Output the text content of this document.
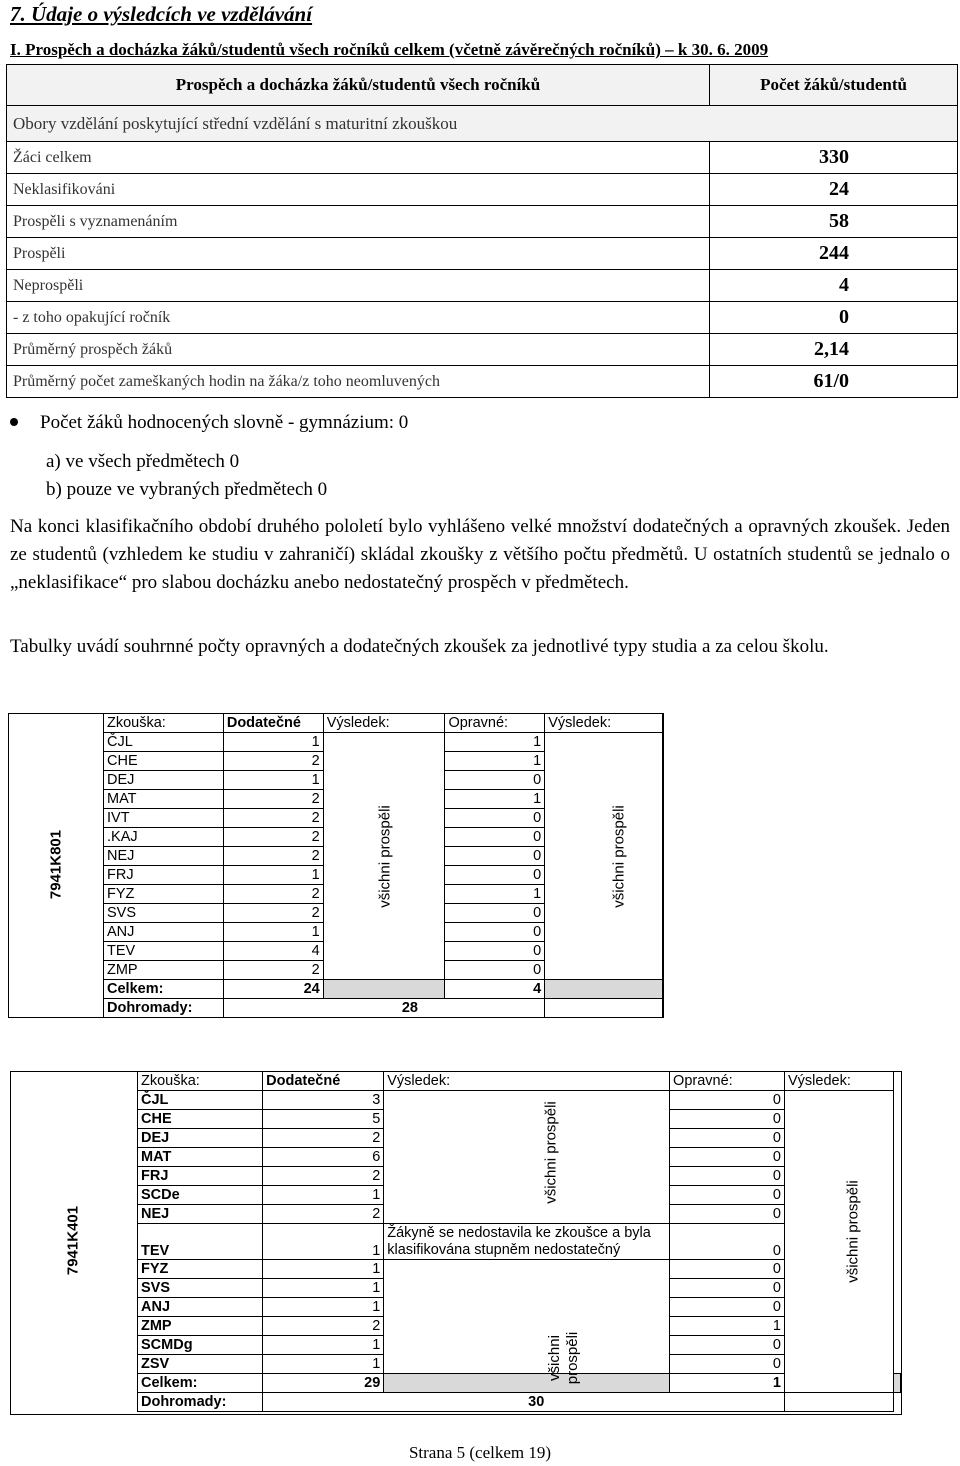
7. Údaje o výsledcích ve vzdělávání
I. Prospěch a docházka žáků/studentů všech ročníků celkem (včetně závěrečných ročníků) – k 30. 6. 2009
Prospěch a docházka žáků/studentů všech ročníků	Počet žáků/studentů
Obory vzdělání poskytující střední vzdělání s maturitní zkouškou	
Žáci celkem	330
Neklasifikováni	24
Prospěli s vyznamenáním	58
Prospěli	244
Neprospěli	4
- z toho opakující ročník	0
Průměrný prospěch žáků	2,14
Průměrný počet zameškaných hodin na žáka/z toho neomluvených	61/0
Počet žáků hodnocených slovně - gymnázium: 0
a) ve všech předmětech 0
b) pouze ve vybraných předmětech 0
Na konci klasifikačního období druhého pololetí bylo vyhlášeno velké množství dodatečných a opravných zkoušek. Jeden ze studentů (vzhledem ke studiu v zahraničí) skládal zkoušky z většího počtu předmětů. U ostatních studentů se jednalo o „neklasifikace“ pro slabou docházku anebo nedostatečný prospěch v předmětech.
Tabulky uvádí souhrnné počty opravných a dodatečných zkoušek za jednotlivé typy studia a za celou školu.
7941K801
Zkouška:	Dodatečné	Výsledek:	Opravné:	Výsledek:
ČJL	1		1	
CHE	2		1	
DEJ	1		0	
MAT	2		1	
IVT	2		0	
.KAJ	2		0	
NEJ	2		0	
FRJ	1		0	
FYZ	2		1	
SVS	2		0	
ANJ	1		0	
TEV	4		0	
ZMP	2		0	
Celkem:	24		4	
Dohromady:	28			
všichni prospěli	všichni prospěli
7941K401
Zkouška:	Dodatečné	Výsledek:	Opravné:	Výsledek:	
ČJL	3		0		
CHE	5		0		
DEJ	2		0		
MAT	6		0		
FRJ	2		0		
SCDe	1		0		
NEJ	2		0		
TEV	1	Žákyně se nedostavila ke zkoušce a byla klasifikována stupněm nedostatečný	0		
FYZ	1		0		
SVS	1		0		
ANJ	1		0		
ZMP	2		1		
SCMDg	1		0		
ZSV	1		0		
Celkem:	29		1		
Dohromady:	30				
všichni prospěli
všichni prospěli
všichni prospěli
Strana 5 (celkem 19)
